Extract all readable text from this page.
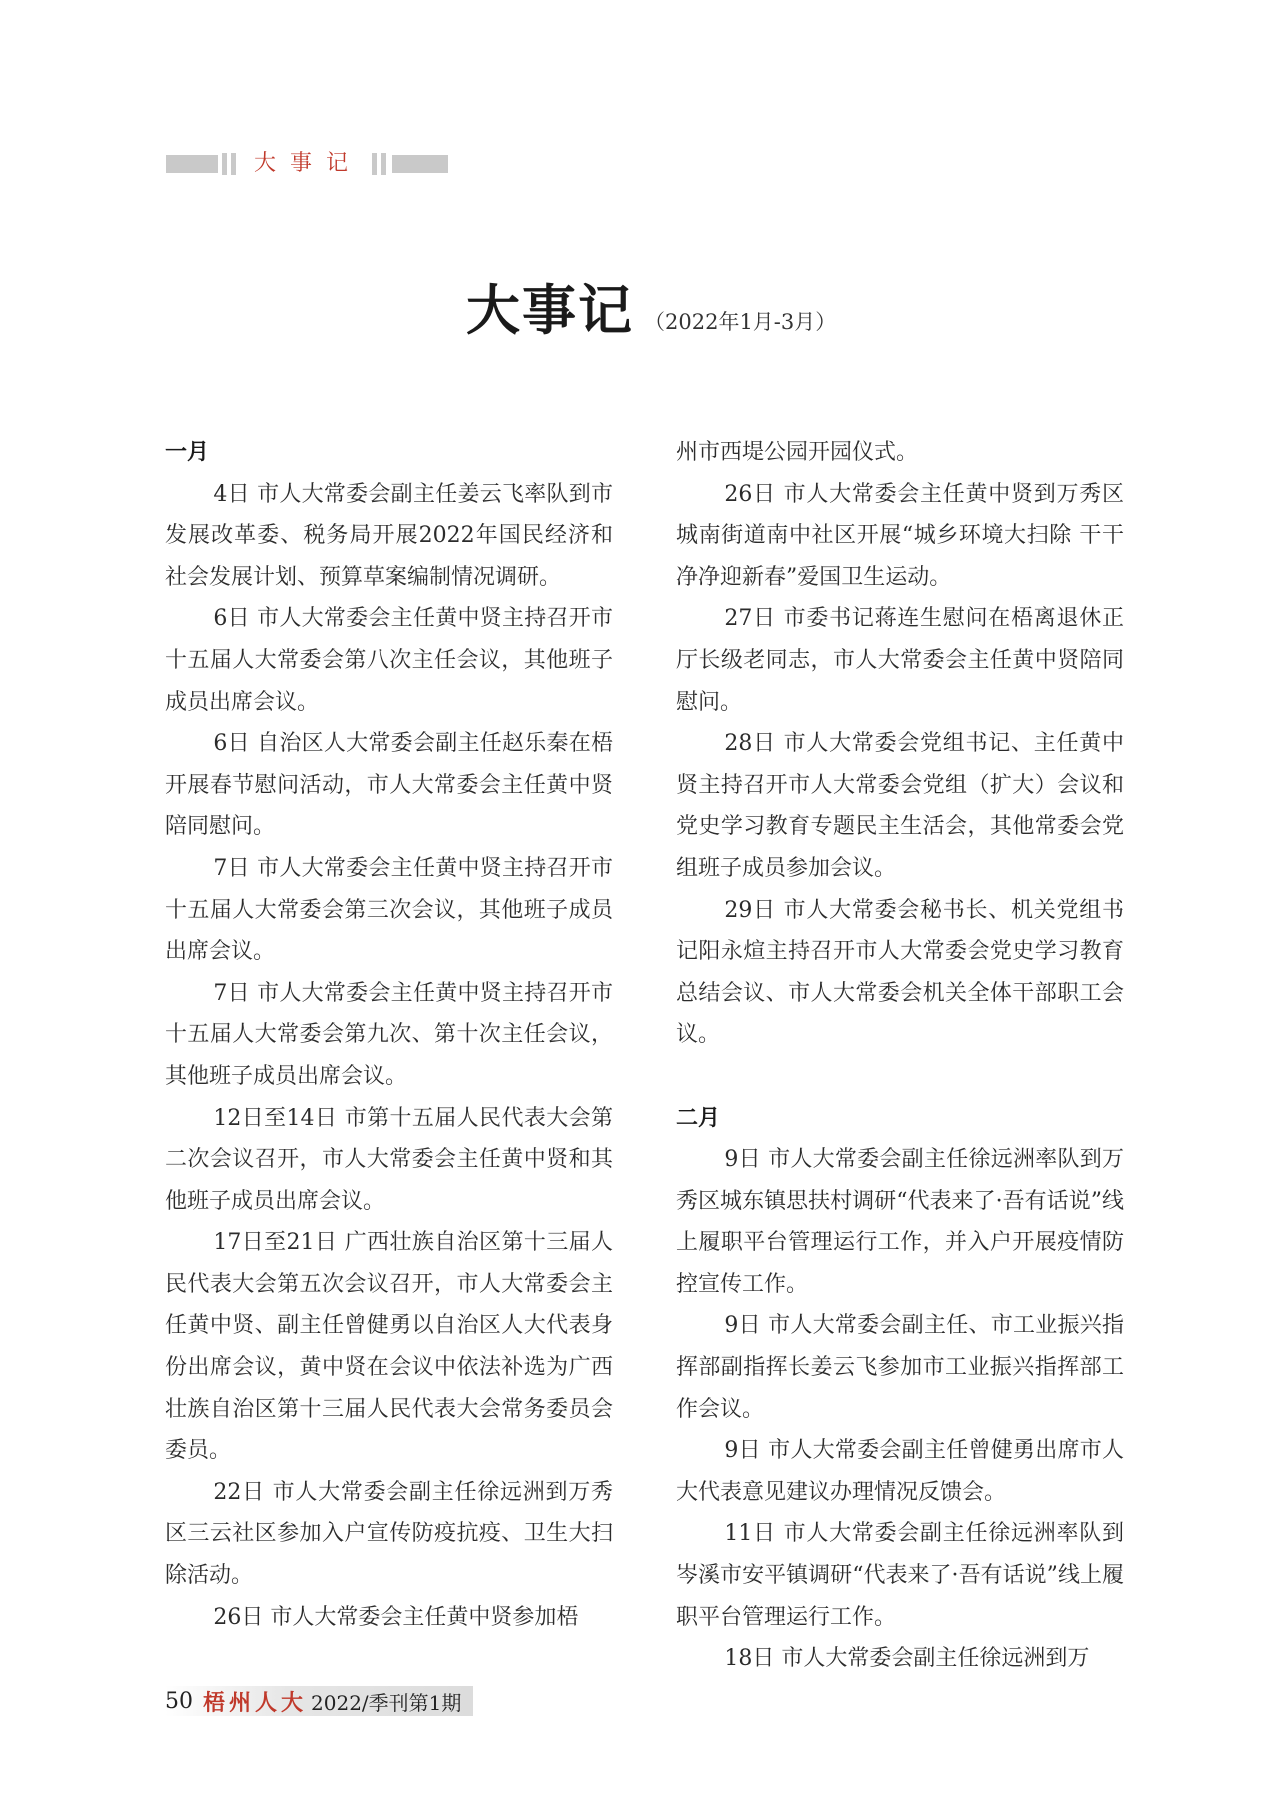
大事记
大事记 （2022年1月-3月）

一月

4日 市人大常委会副主任姜云飞率队到市发展改革委、税务局开展2022年国民经济和社会发展计划、预算草案编制情况调研。

6日 市人大常委会主任黄中贤主持召开市十五届人大常委会第八次主任会议，其他班子成员出席会议。

6日 自治区人大常委会副主任赵乐秦在梧开展春节慰问活动，市人大常委会主任黄中贤陪同慰问。

7日 市人大常委会主任黄中贤主持召开市十五届人大常委会第三次会议，其他班子成员出席会议。

7日 市人大常委会主任黄中贤主持召开市十五届人大常委会第九次、第十次主任会议，其他班子成员出席会议。

12日至14日 市第十五届人民代表大会第二次会议召开，市人大常委会主任黄中贤和其他班子成员出席会议。

17日至21日 广西壮族自治区第十三届人民代表大会第五次会议召开，市人大常委会主任黄中贤、副主任曾健勇以自治区人大代表身份出席会议，黄中贤在会议中依法补选为广西壮族自治区第十三届人民代表大会常务委员会委员。

22日 市人大常委会副主任徐远洲到万秀区三云社区参加入户宣传防疫抗疫、卫生大扫除活动。

26日 市人大常委会主任黄中贤参加梧

州市西堤公园开园仪式。

26日 市人大常委会主任黄中贤到万秀区城南街道南中社区开展“城乡环境大扫除 干干净净迎新春”爱国卫生运动。

27日 市委书记蒋连生慰问在梧离退休正厅长级老同志，市人大常委会主任黄中贤陪同慰问。

28日 市人大常委会党组书记、主任黄中贤主持召开市人大常委会党组（扩大）会议和党史学习教育专题民主生活会，其他常委会党组班子成员参加会议。

29日 市人大常委会秘书长、机关党组书记阳永煊主持召开市人大常委会党史学习教育总结会议、市人大常委会机关全体干部职工会议。

二月

9日 市人大常委会副主任徐远洲率队到万秀区城东镇思扶村调研“代表来了·吾有话说”线上履职平台管理运行工作，并入户开展疫情防控宣传工作。

9日 市人大常委会副主任、市工业振兴指挥部副指挥长姜云飞参加市工业振兴指挥部工作会议。

9日 市人大常委会副主任曾健勇出席市人大代表意见建议办理情况反馈会。

11日 市人大常委会副主任徐远洲率队到岑溪市安平镇调研“代表来了·吾有话说”线上履职平台管理运行工作。

18日 市人大常委会副主任徐远洲到万

50 梧州人大 2022/季刊第1期
